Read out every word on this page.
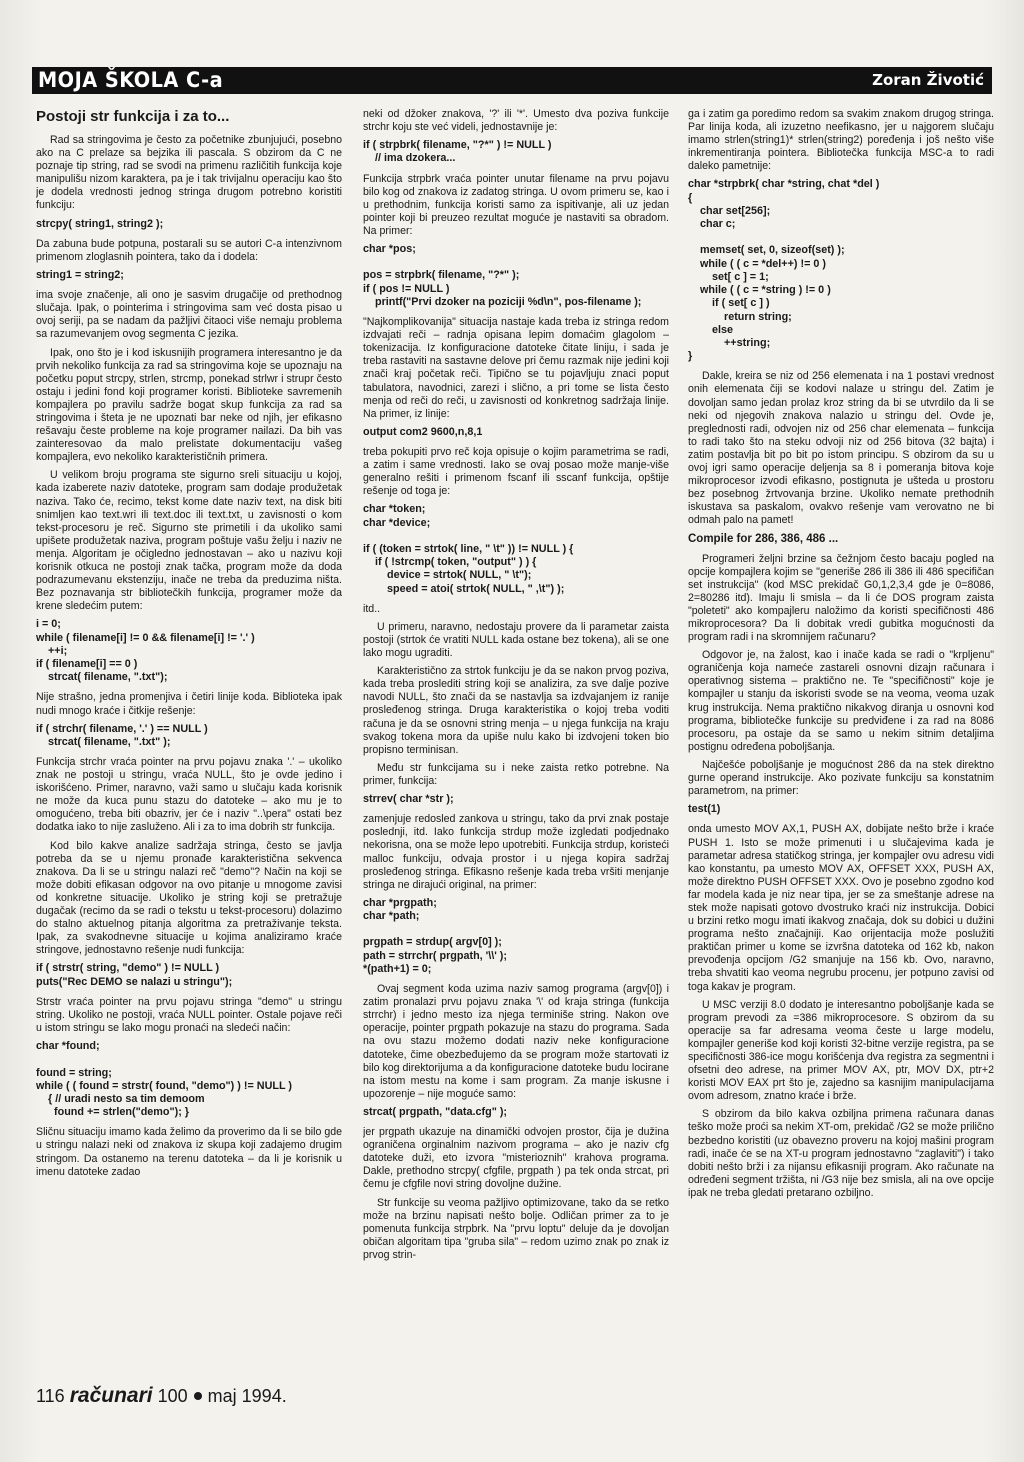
MOJA ŠKOLA C-a	Zoran Životić
Postoji str funkcija i za to...

Rad sa stringovima je često za početnike zbunjujući, posebno ako na C prelaze sa bejzika ili pascala. S obzirom da C ne poznaje tip string, rad se svodi na primenu različitih funkcija koje manipulišu nizom karaktera, pa je i tak trivijalnu operaciju kao što je dodela vrednosti jednog stringa drugom potrebno koristiti funkciju:

strcpy( string1, string2 );

Da zabuna bude potpuna, postarali su se autori C-a intenzivnom primenom zloglasnih pointera, tako da i dodela:

string1 = string2;

ima svoje značenje, ali ono je sasvim drugačije od prethodnog slučaja. Ipak, o pointerima i stringovima sam već dosta pisao u ovoj seriji, pa se nadam da pažljivi čitaoci više nemaju problema sa razumevanjem ovog segmenta C jezika.

Ipak, ono što je i kod iskusnijih programera interesantno je da prvih nekoliko funkcija za rad sa stringovima koje se upoznaju na početku poput strcpy, strlen, strcmp, ponekad strlwr i strupr često ostaju i jedini fond koji programer koristi. Biblioteke savremenih kompajlera po pravilu sadrže bogat skup funkcija za rad sa stringovima i šteta je ne upoznati bar neke od njih, jer efikasno rešavaju česte probleme na koje programer nailazi. Da bih vas zainteresovao da malo prelistate dokumentaciju vašeg kompajlera, evo nekoliko karakterističnih primera.

U velikom broju programa ste sigurno sreli situaciju u kojoj, kada izaberete naziv datoteke, program sam dodaje produžetak naziva. Tako će, recimo, tekst kome date naziv text, na disk biti snimljen kao text.wri ili text.doc ili text.txt, u zavisnosti o kom tekst-procesoru je reč. Sigurno ste primetili i da ukoliko sami upišete produžetak naziva, program poštuje vašu želju i naziv ne menja. Algoritam je očigledno jednostavan – ako u nazivu koji korisnik otkuca ne postoji znak tačka, program može da doda podrazumevanu ekstenziju, inače ne treba da preduzima ništa. Bez poznavanja str bibliotečkih funkcija, programer može da krene sledećim putem:

i = 0;
while ( filename[i] != 0 && filename[i] != '.' )
++i;
if ( filename[i] == 0 )
strcat( filename, ".txt");

Nije strašno, jedna promenjiva i četiri linije koda. Biblioteka ipak nudi mnogo kraće i čitkije rešenje:

if ( strchr( filename, '.' ) == NULL )
strcat( filename, ".txt" );

Funkcija strchr vraća pointer na prvu pojavu znaka '.' – ukoliko znak ne postoji u stringu, vraća NULL, što je ovde jedino i iskorišćeno. Primer, naravno, važi samo u slučaju kada korisnik ne može da kuca punu stazu do datoteke – ako mu je to omogućeno, treba biti obazriv, jer će i naziv "..\pera" ostati bez dodatka iako to nije zasluženo. Ali i za to ima dobrih str funkcija.

Kod bilo kakve analize sadržaja stringa, često se javlja potreba da se u njemu pronađe karakteristična sekvenca znakova. Da li se u stringu nalazi reč "demo"? Način na koji se može dobiti efikasan odgovor na ovo pitanje u mnogome zavisi od konkretne situacije. Ukoliko je string koji se pretražuje dugačak (recimo da se radi o tekstu u tekst-procesoru) dolazimo do stalno aktuelnog pitanja algoritma za pretraživanje teksta. Ipak, za svakodnevne situacije u kojima analiziramo kraće stringove, jednostavno rešenje nudi funkcija:

if ( strstr( string, "demo" ) != NULL )
puts("Rec DEMO se nalazi u stringu");

Strstr vraća pointer na prvu pojavu stringa "demo" u stringu string. Ukoliko ne postoji, vraća NULL pointer. Ostale pojave reči u istom stringu se lako mogu pronaći na sledeći način:

char *found;

found = string;
while ( ( found = strstr( found, "demo") ) != NULL )
{ // uradi nesto sa tim demoom
found += strlen("demo"); }

Sličnu situaciju imamo kada želimo da proverimo da li se bilo gde u stringu nalazi neki od znakova iz skupa koji zadajemo drugim stringom. Da ostanemo na terenu datoteka – da li je korisnik u imenu datoteke zadao

neki od džoker znakova, '?' ili '*'. Umesto dva poziva funkcije strchr koju ste već videli, jednostavnije je:

if ( strpbrk( filename, "?*" ) != NULL )
// ima dzokera...

Funkcija strpbrk vraća pointer unutar filename na prvu pojavu bilo kog od znakova iz zadatog stringa. U ovom primeru se, kao i u prethodnim, funkcija koristi samo za ispitivanje, ali uz jedan pointer koji bi preuzeo rezultat moguće je nastaviti sa obradom. Na primer:

char *pos;

pos = strpbrk( filename, "?*" );
if ( pos != NULL )
printf("Prvi dzoker na poziciji %d\n", pos-filename );

"Najkomplikovanija" situacija nastaje kada treba iz stringa redom izdvajati reči – radnja opisana lepim domaćim glagolom – tokenizacija. Iz konfiguracione datoteke čitate liniju, i sada je treba rastaviti na sastavne delove pri čemu razmak nije jedini koji znači kraj početak reči. Tipično se tu pojavljuju znaci poput tabulatora, navodnici, zarezi i slično, a pri tome se lista često menja od reči do reči, u zavisnosti od konkretnog sadržaja linije. Na primer, iz linije:

output com2 9600,n,8,1

treba pokupiti prvo reč koja opisuje o kojim parametrima se radi, a zatim i same vrednosti. Iako se ovaj posao može manje-više generalno rešiti i primenom fscanf ili sscanf funkcija, opštije rešenje od toga je:

char *token;
char *device;

if ( (token = strtok( line, " \t" )) != NULL ) {
if ( !strcmp( token, "output" ) ) {
device = strtok( NULL, " \t");
speed = atoi( strtok( NULL, " ,\t") );

itd..

U primeru, naravno, nedostaju provere da li parametar zaista postoji (strtok će vratiti NULL kada ostane bez tokena), ali se one lako mogu ugraditi.

Karakteristično za strtok funkciju je da se nakon prvog poziva, kada treba proslediti string koji se analizira, za sve dalje pozive navodi NULL, što znači da se nastavlja sa izdvajanjem iz ranije prosleđenog stringa. Druga karakteristika o kojoj treba voditi računa je da se osnovni string menja – u njega funkcija na kraju svakog tokena mora da upiše nulu kako bi izdvojeni token bio propisno terminisan.

Među str funkcijama su i neke zaista retko potrebne. Na primer, funkcija:

strrev( char *str );

zamenjuje redosled zankova u stringu, tako da prvi znak postaje poslednji, itd. Iako funkcija strdup može izgledati podjednako nekorisna, ona se može lepo upotrebiti. Funkcija strdup, koristeći malloc funkciju, odvaja prostor i u njega kopira sadržaj prosleđenog stringa. Efikasno rešenje kada treba vršiti menjanje stringa ne dirajući original, na primer:

char *prgpath;
char *path;

prgpath = strdup( argv[0] );
path = strrchr( prgpath, '\\' );
*(path+1) = 0;

Ovaj segment koda uzima naziv samog programa (argv[0]) i zatim pronalazi prvu pojavu znaka '\' od kraja stringa (funkcija strrchr) i jedno mesto iza njega terminiše string. Nakon ove operacije, pointer prgpath pokazuje na stazu do programa. Sada na ovu stazu možemo dodati naziv neke konfiguracione datoteke, čime obezbeđujemo da se program može startovati iz bilo kog direktorijuma a da konfiguracione datoteke budu locirane na istom mestu na kome i sam program. Za manje iskusne i upozorenje – nije moguće samo:

strcat( prgpath, "data.cfg" );

jer prgpath ukazuje na dinamički odvojen prostor, čija je dužina ograničena orginalnim nazivom programa – ako je naziv cfg datoteke duži, eto izvora "misterioznih" krahova programa. Dakle, prethodno strcpy( cfgfile, prgpath ) pa tek onda strcat, pri čemu je cfgfile novi string dovoljne dužine.

Str funkcije su veoma pažljivo optimizovane, tako da se retko može na brzinu napisati nešto bolje. Odličan primer za to je pomenuta funkcija strpbrk. Na "prvu loptu" deluje da je dovoljan običan algoritam tipa "gruba sila" – redom uzimo znak po znak iz prvog strin-

ga i zatim ga poredimo redom sa svakim znakom drugog stringa. Par linija koda, ali izuzetno neefikasno, jer u najgorem slučaju imamo strlen(string1)* strlen(string2) poređenja i još nešto više inkrementiranja pointera. Bibliotečka funkcija MSC-a to radi daleko pametnije:

char *strpbrk( char *string, chat *del )
{
char set[256];
char c;

memset( set, 0, sizeof(set) );
while ( ( c = *del++) != 0 )
set[ c ] = 1;
while ( ( c = *string ) != 0 )
if ( set[ c ] )
return string;
else
++string;
}

Dakle, kreira se niz od 256 elemenata i na 1 postavi vrednost onih elemenata čiji se kodovi nalaze u stringu del. Zatim je dovoljan samo jedan prolaz kroz string da bi se utvrdilo da li se neki od njegovih znakova nalazio u stringu del. Ovde je, preglednosti radi, odvojen niz od 256 char elemenata – funkcija to radi tako što na steku odvoji niz od 256 bitova (32 bajta) i zatim postavlja bit po bit po istom principu. S obzirom da su u ovoj igri samo operacije deljenja sa 8 i pomeranja bitova koje mikroprocesor izvodi efikasno, postignuta je ušteda u prostoru bez posebnog žrtvovanja brzine. Ukoliko nemate prethodnih iskustava sa paskalom, ovakvo rešenje vam verovatno ne bi odmah palo na pamet!

Compile for 286, 386, 486 ...

Programeri željni brzine sa čežnjom često bacaju pogled na opcije kompajlera kojim se "generiše 286 ili 386 ili 486 specifičan set instrukcija" (kod MSC prekidač G0,1,2,3,4 gde je 0=8086, 2=80286 itd). Imaju li smisla – da li će DOS program zaista "poleteti" ako kompajleru naložimo da koristi specifičnosti 486 mikroprocesora? Da li dobitak vredi gubitka mogućnosti da program radi i na skromnijem računaru?

Odgovor je, na žalost, kao i inače kada se radi o "krpljenu" ograničenja koja nameće zastareli osnovni dizajn računara i operativnog sistema – praktično ne. Te "specifičnosti" koje je kompajler u stanju da iskoristi svode se na veoma, veoma uzak krug instrukcija. Nema praktično nikakvog diranja u osnovni kod programa, bibliotečke funkcije su predviđene i za rad na 8086 procesoru, pa ostaje da se samo u nekim sitnim detaljima postignu određena poboljšanja.

Najčešće poboljšanje je mogućnost 286 da na stek direktno gurne operand instrukcije. Ako pozivate funkciju sa konstatnim parametrom, na primer:

test(1)

onda umesto MOV AX,1, PUSH AX, dobijate nešto brže i kraće PUSH 1. Isto se može primenuti i u slučajevima kada je parametar adresa statičkog stringa, jer kompajler ovu adresu vidi kao konstantu, pa umesto MOV AX, OFFSET XXX, PUSH AX, može direktno PUSH OFFSET XXX. Ovo je posebno zgodno kod far modela kada je niz near tipa, jer se za smeštanje adrese na stek može napisati gotovo dvostruko kraći niz instrukcija. Dobici u brzini retko mogu imati ikakvog značaja, dok su dobici u dužini programa nešto značajniji. Kao orijentacija može poslužiti praktičan primer u kome se izvršna datoteka od 162 kb, nakon prevođenja opcijom /G2 smanjuje na 156 kb. Ovo, naravno, treba shvatiti kao veoma negrubu procenu, jer potpuno zavisi od toga kakav je program.

U MSC verziji 8.0 dodato je interesantno poboljšanje kada se program prevodi za =386 mikroprocesore. S obzirom da su operacije sa far adresama veoma česte u large modelu, kompajler generiše kod koji koristi 32-bitne verzije registra, pa se specifičnosti 386-ice mogu korišćenja dva registra za segmentni i ofsetni deo adrese, na primer MOV AX, ptr, MOV DX, ptr+2 koristi MOV EAX prt što je, zajedno sa kasnijim manipulacijama ovom adresom, znatno kraće i brže.

S obzirom da bilo kakva ozbiljna primena računara danas teško može proći sa nekim XT-om, prekidač /G2 se može prilično bezbedno koristiti (uz obavezno proveru na kojoj mašini program radi, inače će se na XT-u program jednostavno "zaglaviti") i tako dobiti nešto brži i za nijansu efikasniji program. Ako računate na određeni segment tržišta, ni /G3 nije bez smisla, ali na ove opcije ipak ne treba gledati pretarano ozbiljno.

116 računari 100 maj 1994.
